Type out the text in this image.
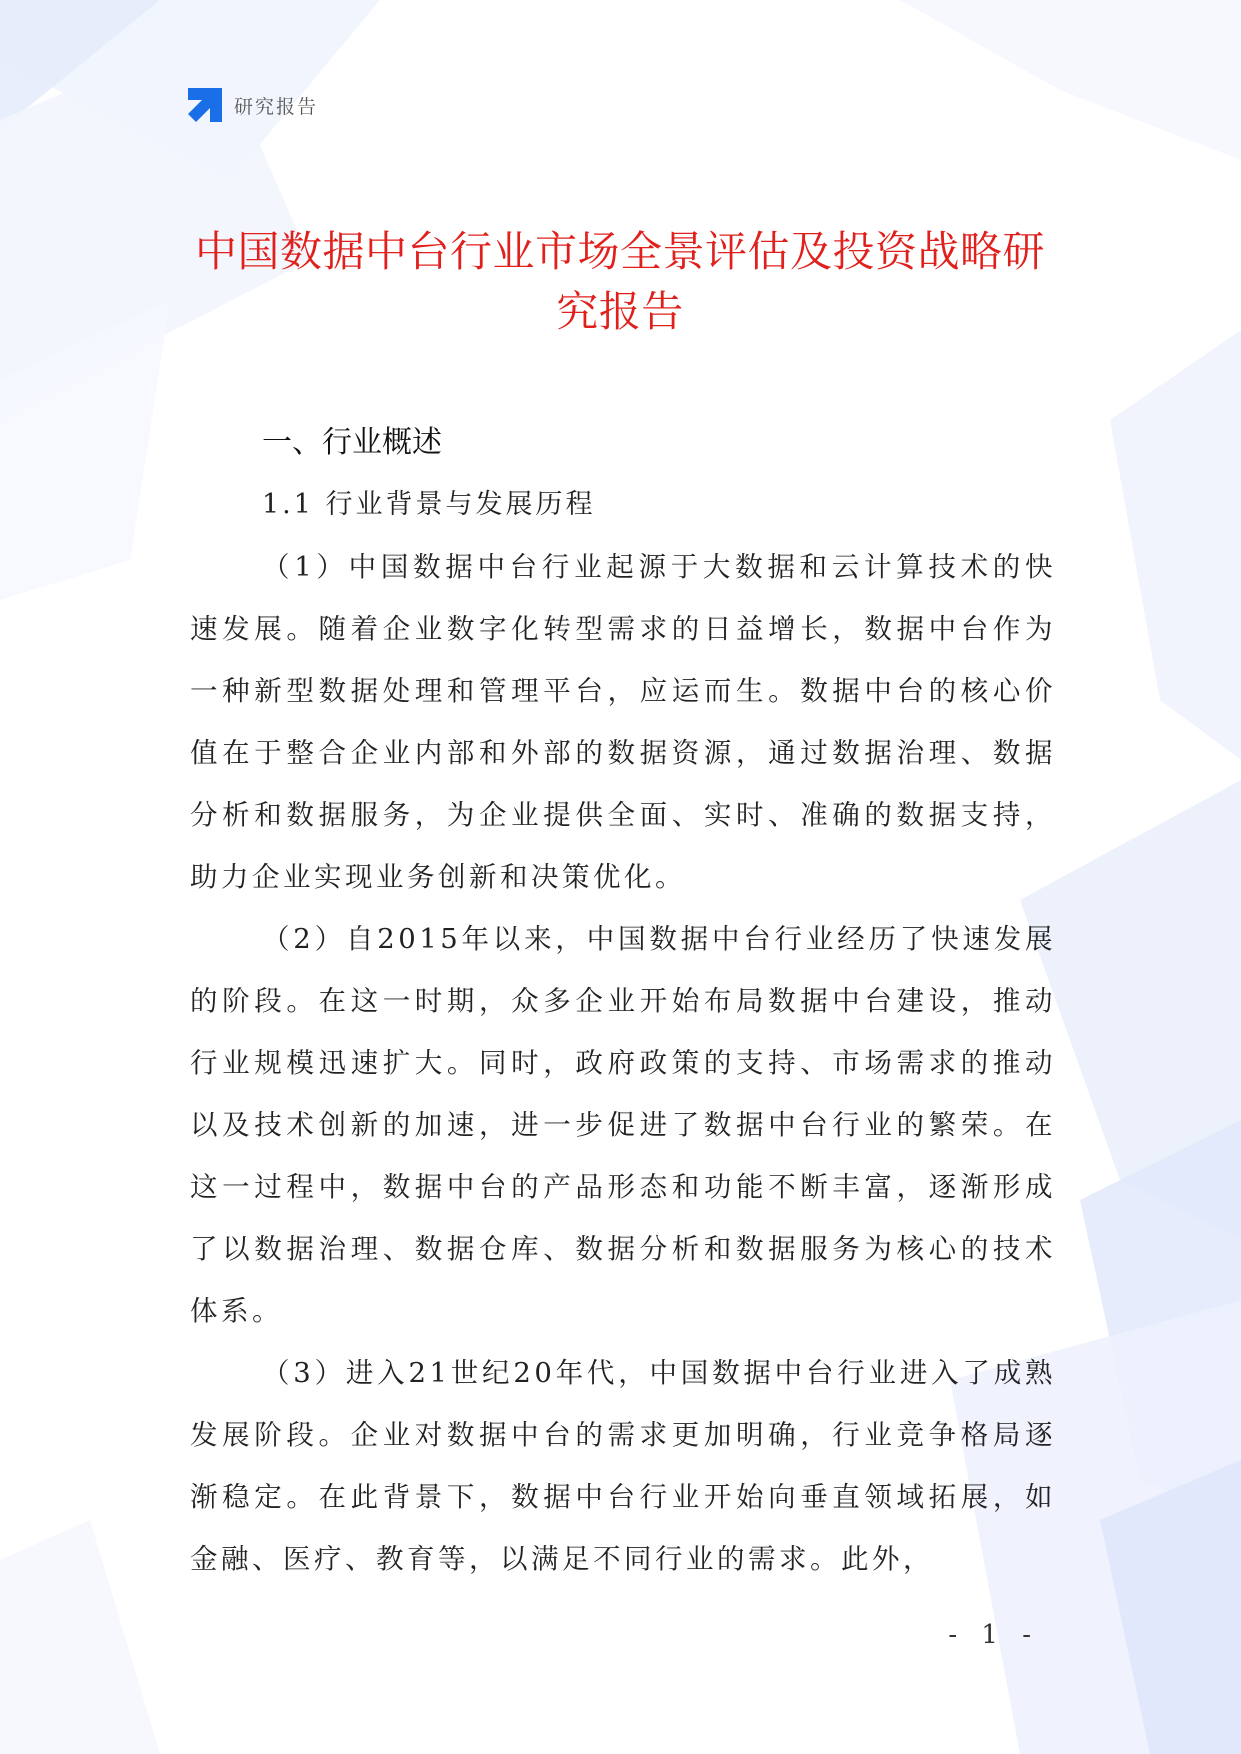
研究报告
中国数据中台行业市场全景评估及投资战略研究报告
一、行业概述
1.1 行业背景与发展历程

（1）中国数据中台行业起源于大数据和云计算技术的快速发展。随着企业数字化转型需求的日益增长，数据中台作为一种新型数据处理和管理平台，应运而生。数据中台的核心价值在于整合企业内部和外部的数据资源，通过数据治理、数据分析和数据服务，为企业提供全面、实时、准确的数据支持，助力企业实现业务创新和决策优化。

（2）自2015年以来，中国数据中台行业经历了快速发展的阶段。在这一时期，众多企业开始布局数据中台建设，推动行业规模迅速扩大。同时，政府政策的支持、市场需求的推动以及技术创新的加速，进一步促进了数据中台行业的繁荣。在这一过程中，数据中台的产品形态和功能不断丰富，逐渐形成了以数据治理、数据仓库、数据分析和数据服务为核心的技术体系。

（3）进入21世纪20年代，中国数据中台行业进入了成熟发展阶段。企业对数据中台的需求更加明确，行业竞争格局逐渐稳定。在此背景下，数据中台行业开始向垂直领域拓展，如金融、医疗、教育等，以满足不同行业的需求。此外，

- 1 -
